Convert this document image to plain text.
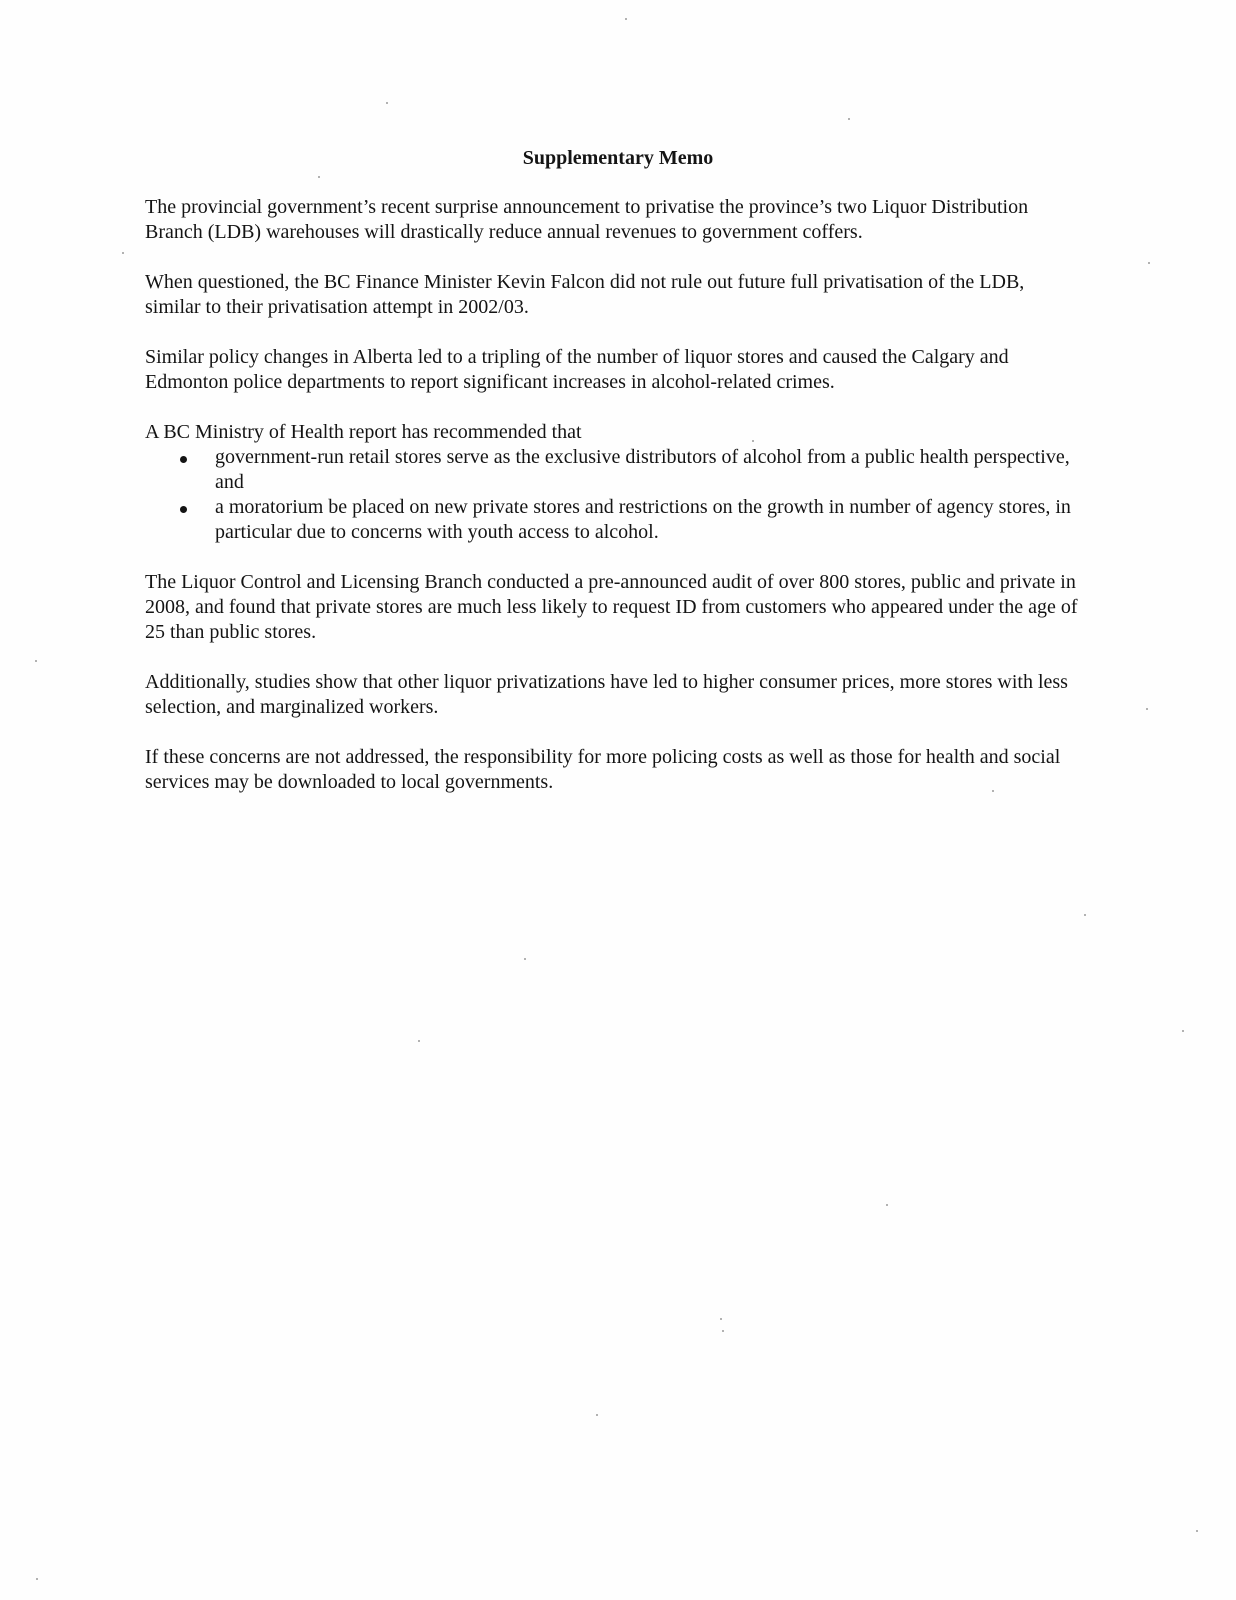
Supplementary Memo

The provincial government’s recent surprise announcement to privatise the province’s two Liquor Distribution Branch (LDB) warehouses will drastically reduce annual revenues to government coffers.

When questioned, the BC Finance Minister Kevin Falcon did not rule out future full privatisation of the LDB, similar to their privatisation attempt in 2002/03.

Similar policy changes in Alberta led to a tripling of the number of liquor stores and caused the Calgary and Edmonton police departments to report significant increases in alcohol-related crimes.

A BC Ministry of Health report has recommended that

government-run retail stores serve as the exclusive distributors of alcohol from a public health perspective, and
a moratorium be placed on new private stores and restrictions on the growth in number of agency stores, in particular due to concerns with youth access to alcohol.

The Liquor Control and Licensing Branch conducted a pre-announced audit of over 800 stores, public and private in 2008, and found that private stores are much less likely to request ID from customers who appeared under the age of 25 than public stores.

Additionally, studies show that other liquor privatizations have led to higher consumer prices, more stores with less selection, and marginalized workers.

If these concerns are not addressed, the responsibility for more policing costs as well as those for health and social services may be downloaded to local governments.
